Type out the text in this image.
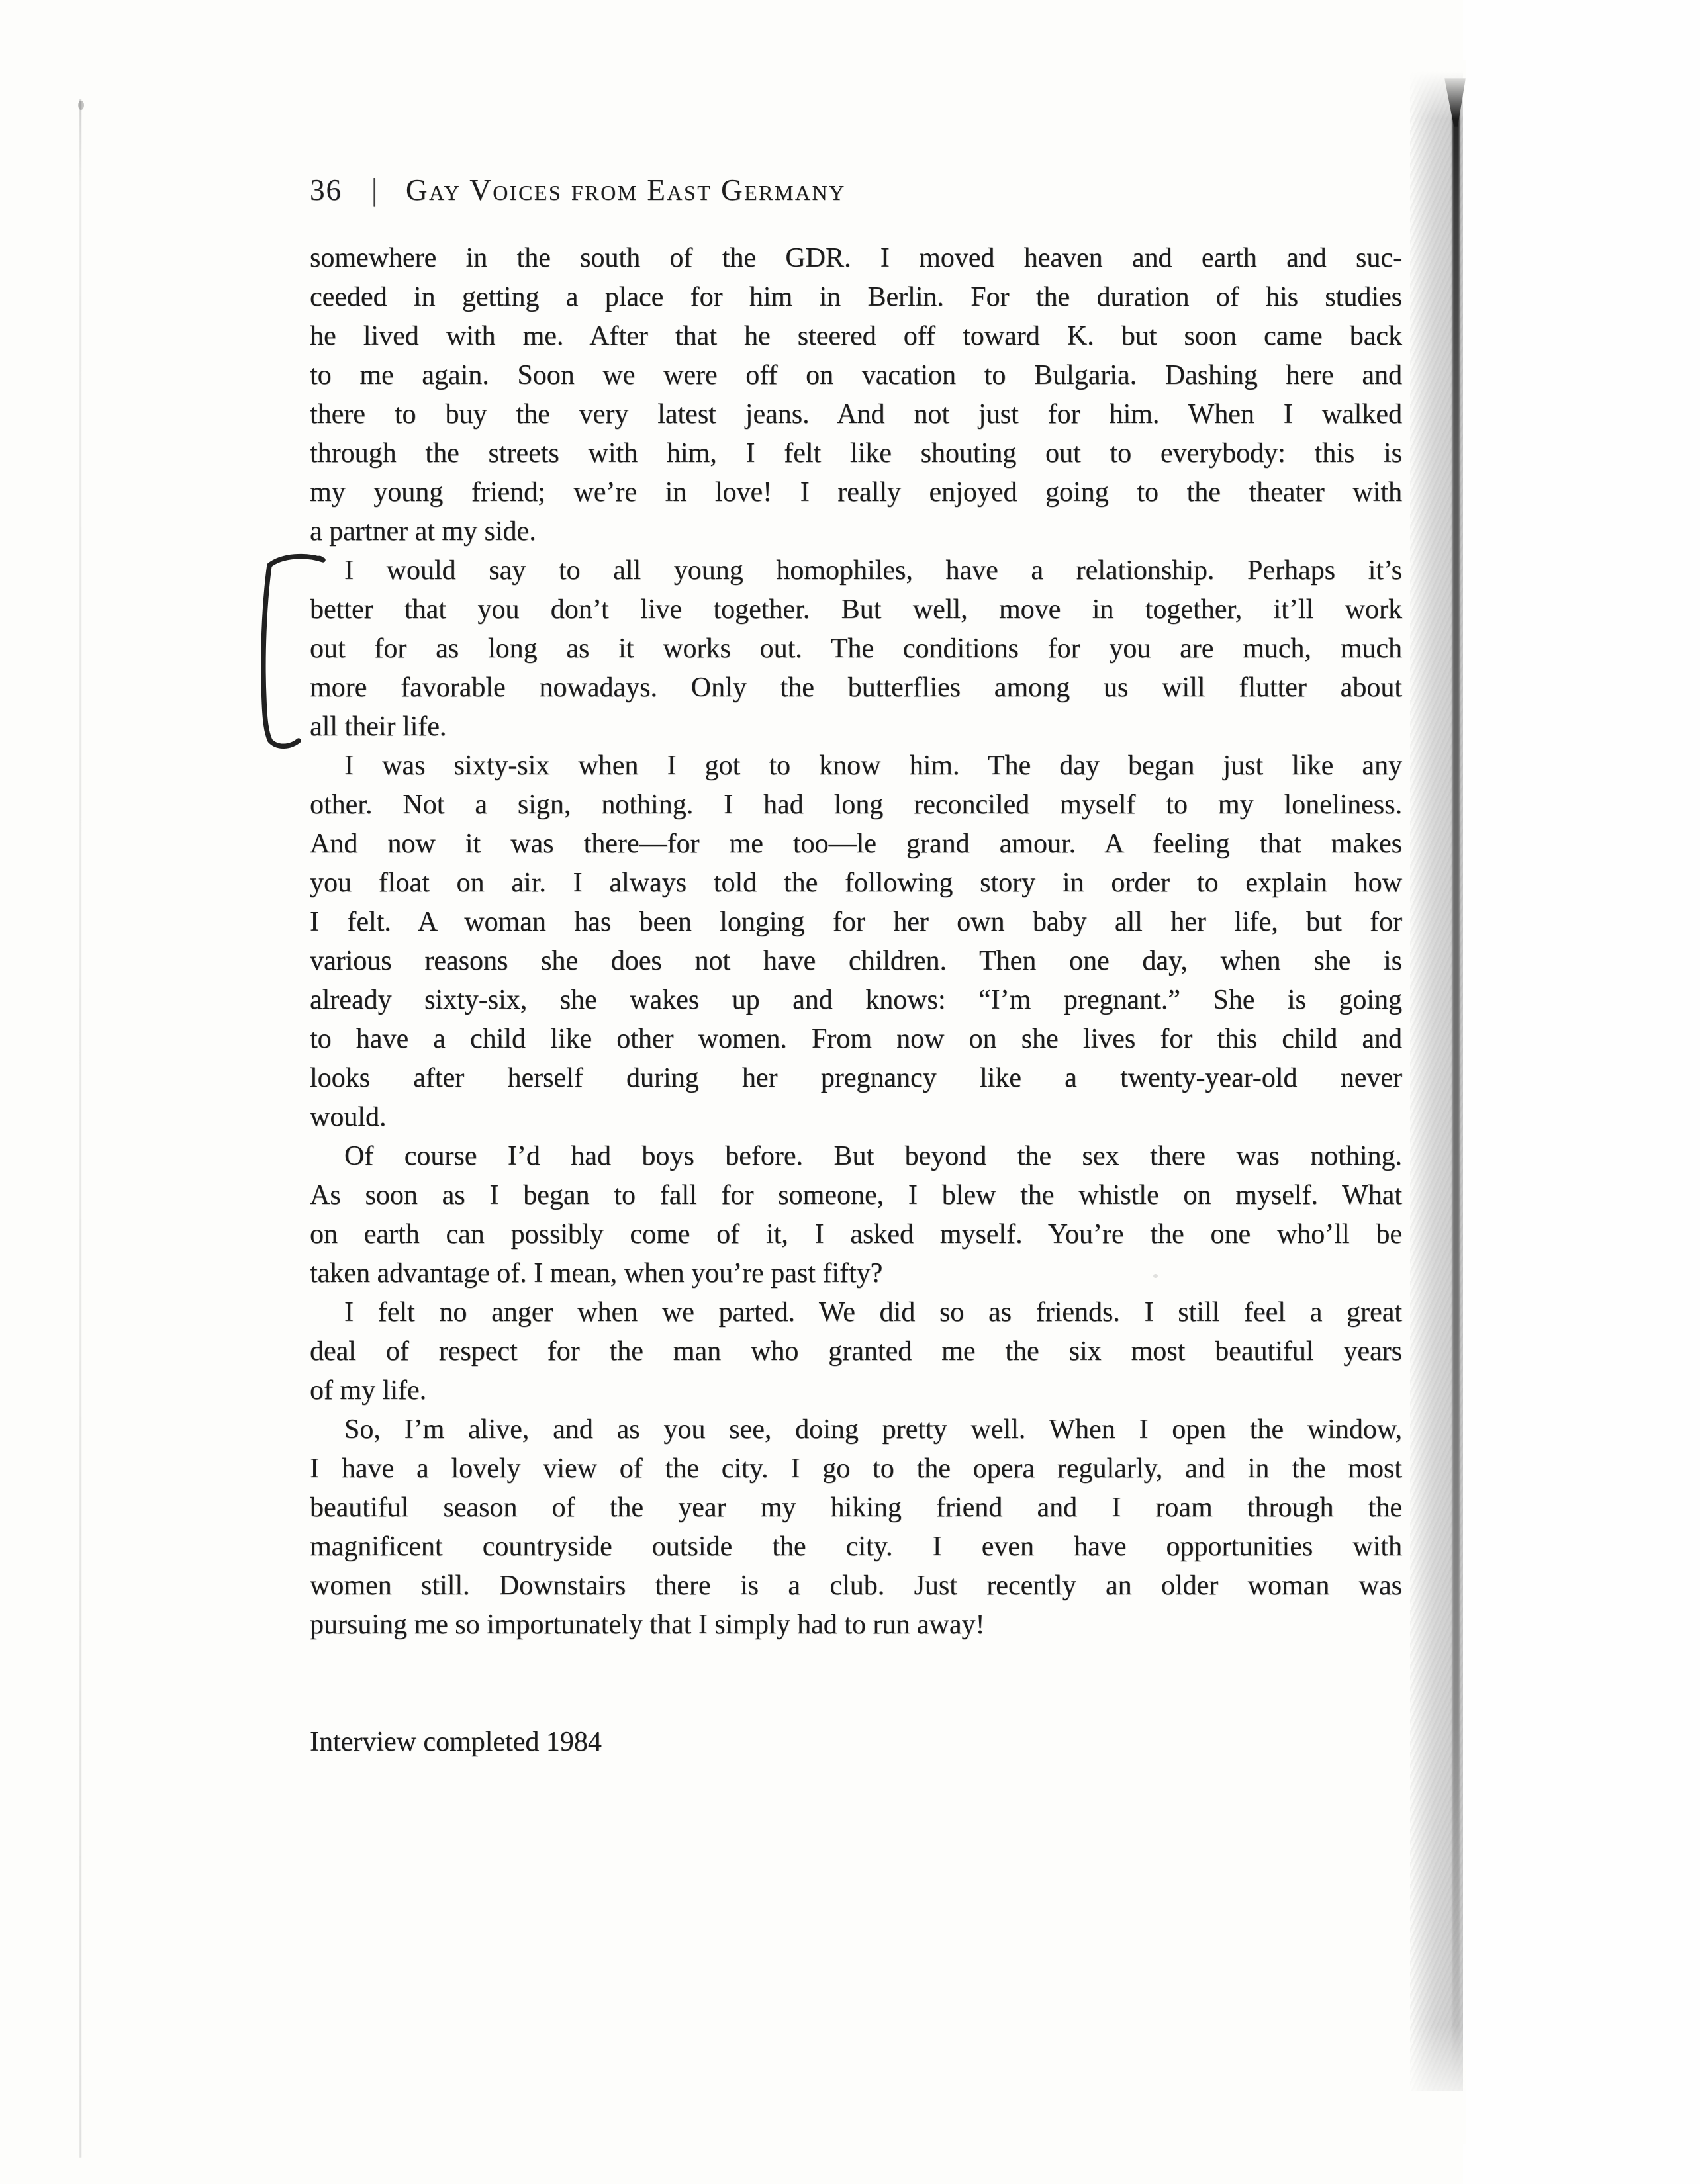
36 | Gay Voices from East Germany
somewhere in the south of the GDR. I moved heaven and earth and suc-
ceeded in getting a place for him in Berlin. For the duration of his studies
he lived with me. After that he steered off toward K. but soon came back
to me again. Soon we were off on vacation to Bulgaria. Dashing here and
there to buy the very latest jeans. And not just for him. When I walked
through the streets with him, I felt like shouting out to everybody: this is
my young friend; we’re in love! I really enjoyed going to the theater with
a partner at my side.
I would say to all young homophiles, have a relationship. Perhaps it’s
better that you don’t live together. But well, move in together, it’ll work
out for as long as it works out. The conditions for you are much, much
more favorable nowadays. Only the butterflies among us will flutter about
all their life.
I was sixty-six when I got to know him. The day began just like any
other. Not a sign, nothing. I had long reconciled myself to my loneliness.
And now it was there—for me too—le grand amour. A feeling that makes
you float on air. I always told the following story in order to explain how
I felt. A woman has been longing for her own baby all her life, but for
various reasons she does not have children. Then one day, when she is
already sixty-six, she wakes up and knows: “I’m pregnant.” She is going
to have a child like other women. From now on she lives for this child and
looks after herself during her pregnancy like a twenty-year-old never
would.
Of course I’d had boys before. But beyond the sex there was nothing.
As soon as I began to fall for someone, I blew the whistle on myself. What
on earth can possibly come of it, I asked myself. You’re the one who’ll be
taken advantage of. I mean, when you’re past fifty?
I felt no anger when we parted. We did so as friends. I still feel a great
deal of respect for the man who granted me the six most beautiful years
of my life.
So, I’m alive, and as you see, doing pretty well. When I open the window,
I have a lovely view of the city. I go to the opera regularly, and in the most
beautiful season of the year my hiking friend and I roam through the
magnificent countryside outside the city. I even have opportunities with
women still. Downstairs there is a club. Just recently an older woman was
pursuing me so importunately that I simply had to run away!
Interview completed 1984
